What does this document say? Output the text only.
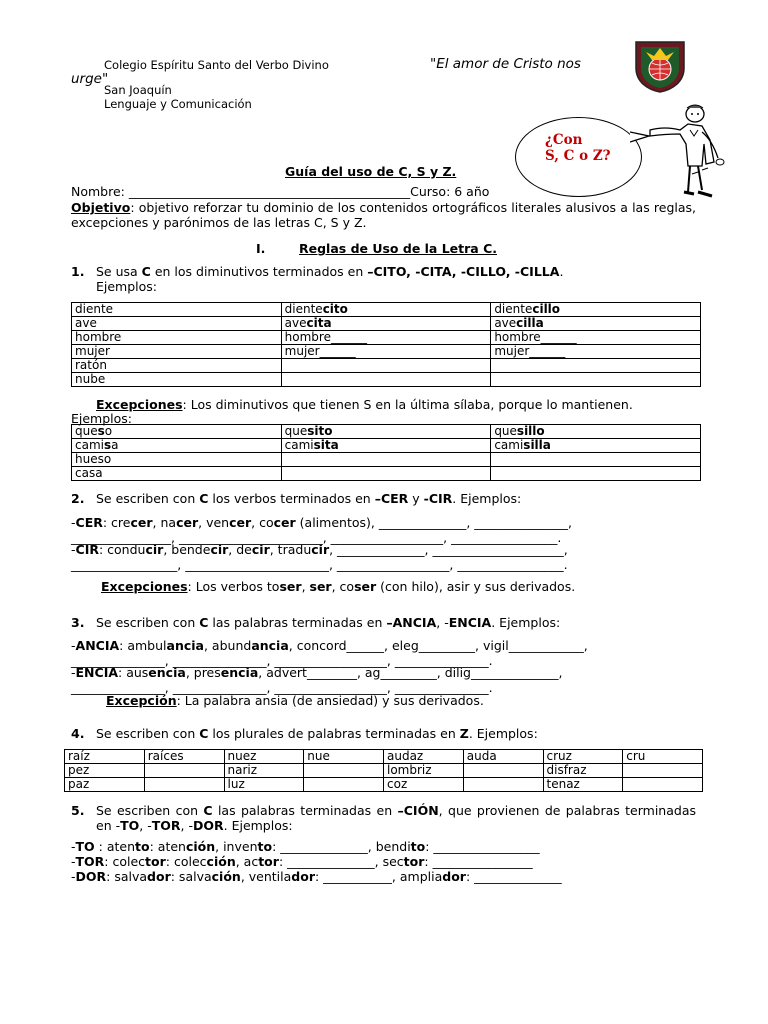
Colegio Espíritu Santo del Verbo Divino	"El amor de Cristo nos
urge"
San Joaquín
Lenguaje y Comunicación
¿Con
S, C o Z?
Guía del uso de C, S y Z.
Nombre: _____________________________________________Curso: 6 año
Objetivo: objetivo reforzar tu dominio de los contenidos ortográficos literales alusivos a las reglas, excepciones y parónimos de las letras C, S y Z.
I.	Reglas de Uso de la Letra C.
1. Se usa C en los diminutivos terminados en –CITO, -CITA, -CILLO, -CILLA.
Ejemplos:
diente	dientecito	dientecillo
ave	avecita	avecilla
hombre	hombre______	hombre______
mujer	mujer______	mujer______
ratón		
nube		
Excepciones: Los diminutivos que tienen S en la última sílaba, porque lo mantienen.
Ejemplos:
queso	quesito	quesillo
camisa	camisita	camisilla
hueso		
casa		
2. Se escriben con C los verbos terminados en –CER y -CIR. Ejemplos:
-CER: crecer, nacer, vencer, cocer (alimentos), ______________, _______________,
________________, _______________________, __________________, _________________.
-CIR: conducir, bendecir, decir, traducir, ______________, _____________________,
_________________, _______________________, __________________, _________________.
Excepciones: Los verbos toser, ser, coser (con hilo), asir y sus derivados.
3. Se escriben con C las palabras terminadas en –ANCIA, -ENCIA. Ejemplos:
-ANCIA: ambulancia, abundancia, concord______, eleg_________, vigil____________,
_______________, _______________, __________________, _______________.
-ENCIA: ausencia, presencia, advert________, ag_________, dilig______________,
_______________, _______________, __________________, _______________.
Excepción: La palabra ansia (de ansiedad) y sus derivados.
4. Se escriben con C los plurales de palabras terminadas en Z. Ejemplos:
raíz	raíces	nuez	nue	audaz	auda	cruz	cru
pez		nariz		lombriz		disfraz	
paz		luz		coz		tenaz	
5. Se escriben con C las palabras terminadas en –CIÓN, que provienen de palabras terminadas en -TO, -TOR, -DOR. Ejemplos:
-TO : atento: atención, invento: ______________, bendito: _________________
-TOR: colector: colección, actor: ______________, sector: ________________
-DOR: salvador: salvación, ventilador: ___________, ampliador: ______________
